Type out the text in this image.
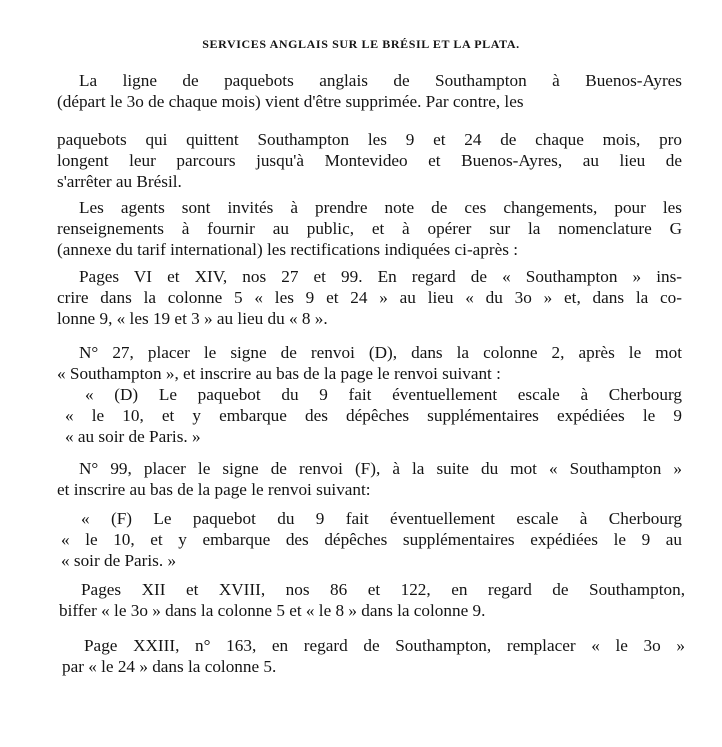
SERVICES ANGLAIS SUR LE BRÉSIL ET LA PLATA.
La ligne de paquebots anglais de Southampton à Buenos-Ayres
(départ le 3o de chaque mois) vient d'être supprimée. Par contre, les
paquebots qui quittent Southampton les 9 et 24 de chaque mois, pro
longent leur parcours jusqu'à Montevideo et Buenos-Ayres, au lieu de
s'arrêter au Brésil.
Les agents sont invités à prendre note de ces changements, pour les
renseignements à fournir au public, et à opérer sur la nomenclature G
(annexe du tarif international) les rectifications indiquées ci-après :
Pages VI et XIV, nos 27 et 99. En regard de « Southampton » ins-
crire dans la colonne 5 « les 9 et 24 » au lieu « du 3o » et, dans la co-
lonne 9, « les 19 et 3 » au lieu du « 8 ».
N° 27, placer le signe de renvoi (D), dans la colonne 2, après le mot
« Southampton », et inscrire au bas de la page le renvoi suivant :
« (D) Le paquebot du 9 fait éventuellement escale à Cherbourg
« le 10, et y embarque des dépêches supplémentaires expédiées le 9
« au soir de Paris. »
N° 99, placer le signe de renvoi (F), à la suite du mot « Southampton »
et inscrire au bas de la page le renvoi suivant:
« (F) Le paquebot du 9 fait éventuellement escale à Cherbourg
« le 10, et y embarque des dépêches supplémentaires expédiées le 9 au
« soir de Paris. »
Pages XII et XVIII, nos 86 et 122, en regard de Southampton,
biffer « le 3o » dans la colonne 5 et « le 8 » dans la colonne 9.
Page XXIII, n° 163, en regard de Southampton, remplacer « le 3o »
par « le 24 » dans la colonne 5.
